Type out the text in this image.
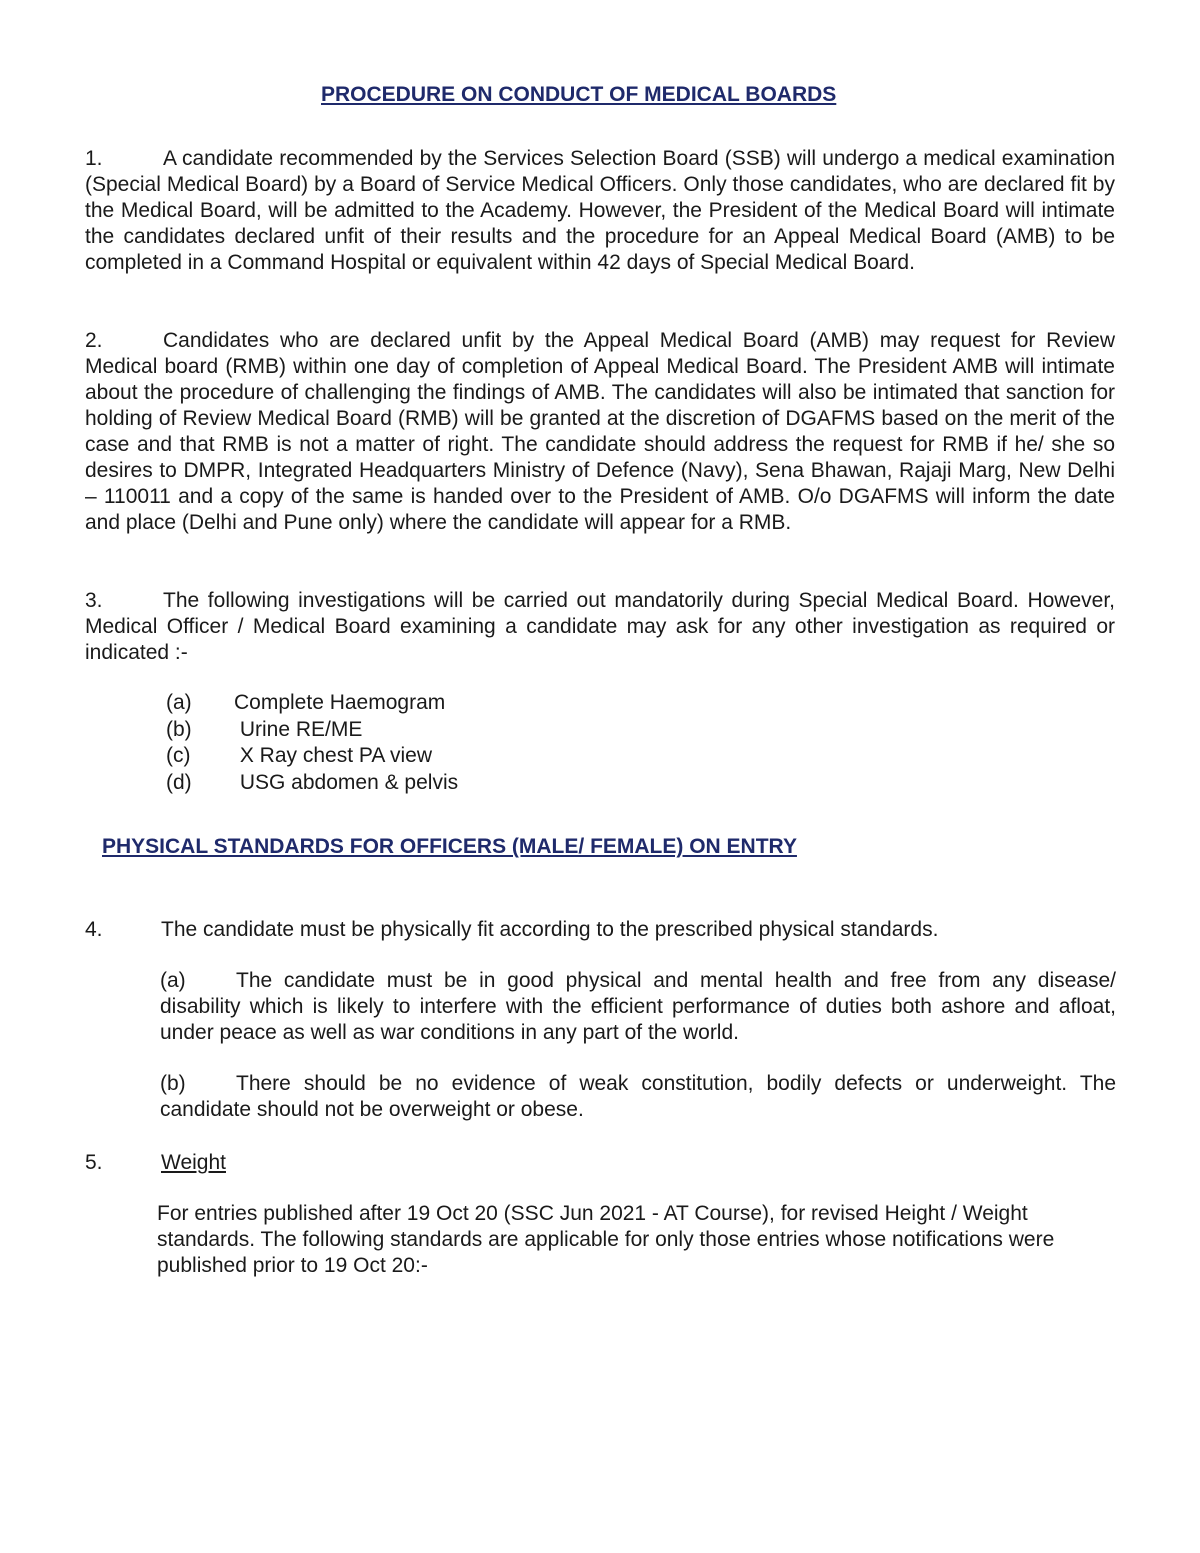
PROCEDURE ON CONDUCT OF MEDICAL BOARDS
1.	A candidate recommended by the Services Selection Board (SSB) will undergo a medical examination (Special Medical Board) by a Board of Service Medical Officers. Only those candidates, who are declared fit by the Medical Board, will be admitted to the Academy. However, the President of the Medical Board will intimate the candidates declared unfit of their results and the procedure for an Appeal Medical Board (AMB) to be completed in a Command Hospital or equivalent within 42 days of Special Medical Board.
2.	Candidates who are declared unfit by the Appeal Medical Board (AMB) may request for Review Medical board (RMB) within one day of completion of Appeal Medical Board. The President AMB will intimate about the procedure of challenging the findings of AMB. The candidates will also be intimated that sanction for holding of Review Medical Board (RMB) will be granted at the discretion of DGAFMS based on the merit of the case and that RMB is not a matter of right. The candidate should address the request for RMB if he/ she so desires to DMPR, Integrated Headquarters Ministry of Defence (Navy), Sena Bhawan, Rajaji Marg, New Delhi – 110011 and a copy of the same is handed over to the President of AMB. O/o DGAFMS will inform the date and place (Delhi and Pune only) where the candidate will appear for a RMB.
3.	The following investigations will be carried out mandatorily during Special Medical Board. However, Medical Officer / Medical Board examining a candidate may ask for any other investigation as required or indicated :-
(a) Complete Haemogram
(b) Urine RE/ME
(c) X Ray chest PA view
(d) USG abdomen & pelvis
PHYSICAL STANDARDS FOR OFFICERS (MALE/ FEMALE) ON ENTRY
4.	The candidate must be physically fit according to the prescribed physical standards.
(a) The candidate must be in good physical and mental health and free from any disease/ disability which is likely to interfere with the efficient performance of duties both ashore and afloat, under peace as well as war conditions in any part of the world.
(b) There should be no evidence of weak constitution, bodily defects or underweight. The candidate should not be overweight or obese.
5.	Weight
For entries published after 19 Oct 20 (SSC Jun 2021 - AT Course), for revised Height / Weight standards. The following standards are applicable for only those entries whose notifications were published prior to 19 Oct 20:-
